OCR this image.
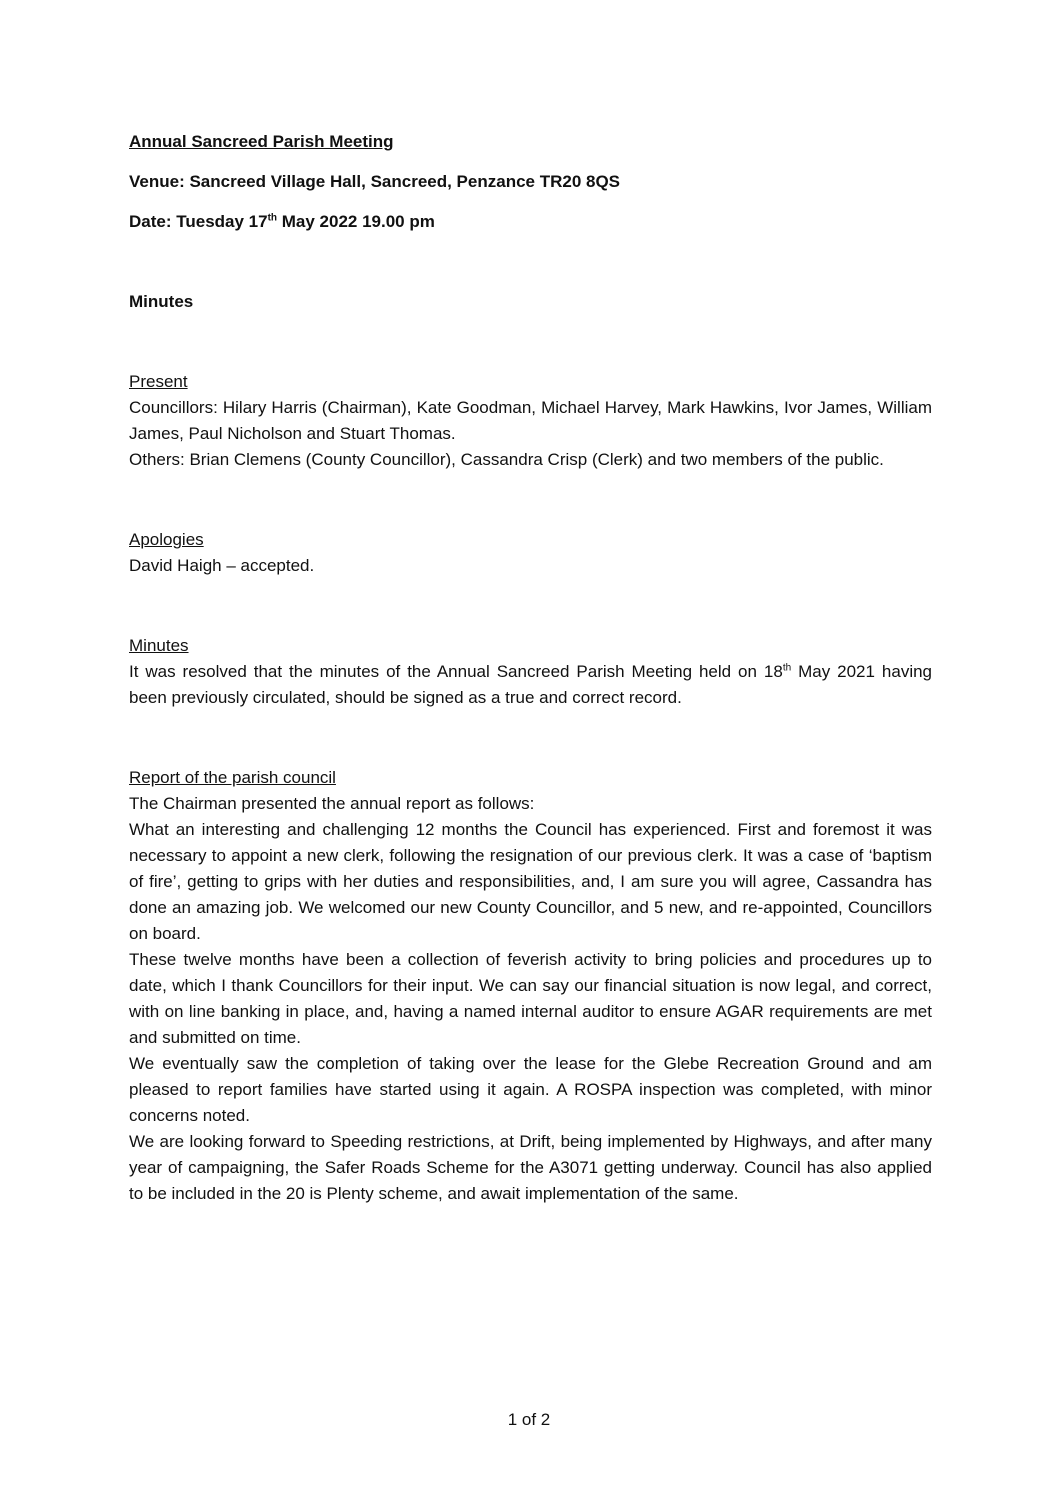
Annual Sancreed Parish Meeting

Venue: Sancreed Village Hall, Sancreed, Penzance TR20 8QS

Date: Tuesday 17th May 2022 19.00 pm

Minutes

Present

Councillors: Hilary Harris (Chairman), Kate Goodman, Michael Harvey, Mark Hawkins, Ivor James, William James, Paul Nicholson and Stuart Thomas.

Others: Brian Clemens (County Councillor), Cassandra Crisp (Clerk) and two members of the public.

Apologies

David Haigh – accepted.

Minutes

It was resolved that the minutes of the Annual Sancreed Parish Meeting held on 18th May 2021 having been previously circulated, should be signed as a true and correct record.

Report of the parish council

The Chairman presented the annual report as follows:

What an interesting and challenging 12 months the Council has experienced. First and foremost it was necessary to appoint a new clerk, following the resignation of our previous clerk. It was a case of ‘baptism of fire’, getting to grips with her duties and responsibilities, and, I am sure you will agree, Cassandra has done an amazing job. We welcomed our new County Councillor, and 5 new, and re-appointed, Councillors on board.

These twelve months have been a collection of feverish activity to bring policies and procedures up to date, which I thank Councillors for their input. We can say our financial situation is now legal, and correct, with on line banking in place, and, having a named internal auditor to ensure AGAR requirements are met and submitted on time.

We eventually saw the completion of taking over the lease for the Glebe Recreation Ground and am pleased to report families have started using it again. A ROSPA inspection was completed, with minor concerns noted.

We are looking forward to Speeding restrictions, at Drift, being implemented by Highways, and after many year of campaigning, the Safer Roads Scheme for the A3071 getting underway. Council has also applied to be included in the 20 is Plenty scheme, and await implementation of the same.

1 of 2
